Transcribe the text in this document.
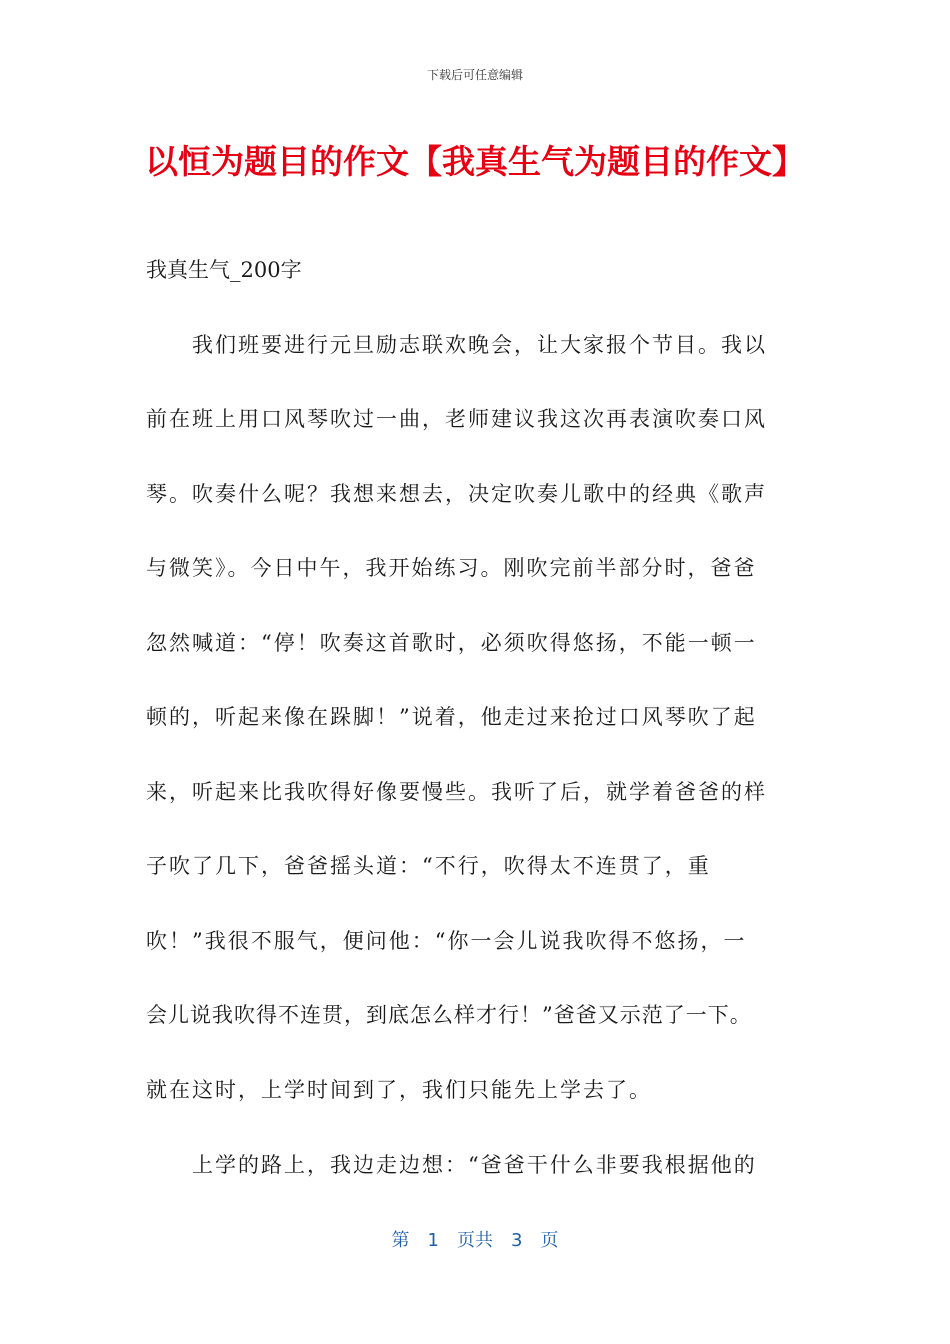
下载后可任意编辑
以恒为题目的作文【我真生气为题目的作文】

我真生气_200字

　　我们班要进行元旦励志联欢晚会，让大家报个节目。我以

前在班上用口风琴吹过一曲，老师建议我这次再表演吹奏口风

琴。吹奏什么呢？我想来想去，决定吹奏儿歌中的经典《歌声

与微笑》。今日中午，我开始练习。刚吹完前半部分时，爸爸

忽然喊道：“停！吹奏这首歌时，必须吹得悠扬，不能一顿一

顿的，听起来像在跺脚！”说着，他走过来抢过口风琴吹了起

来，听起来比我吹得好像要慢些。我听了后，就学着爸爸的样

子吹了几下，爸爸摇头道：“不行，吹得太不连贯了，重

吹！”我很不服气，便问他：“你一会儿说我吹得不悠扬，一

会儿说我吹得不连贯，到底怎么样才行！”爸爸又示范了一下。

就在这时，上学时间到了，我们只能先上学去了。

　　上学的路上，我边走边想：“爸爸干什么非要我根据他的

第　1　页共　3　页
